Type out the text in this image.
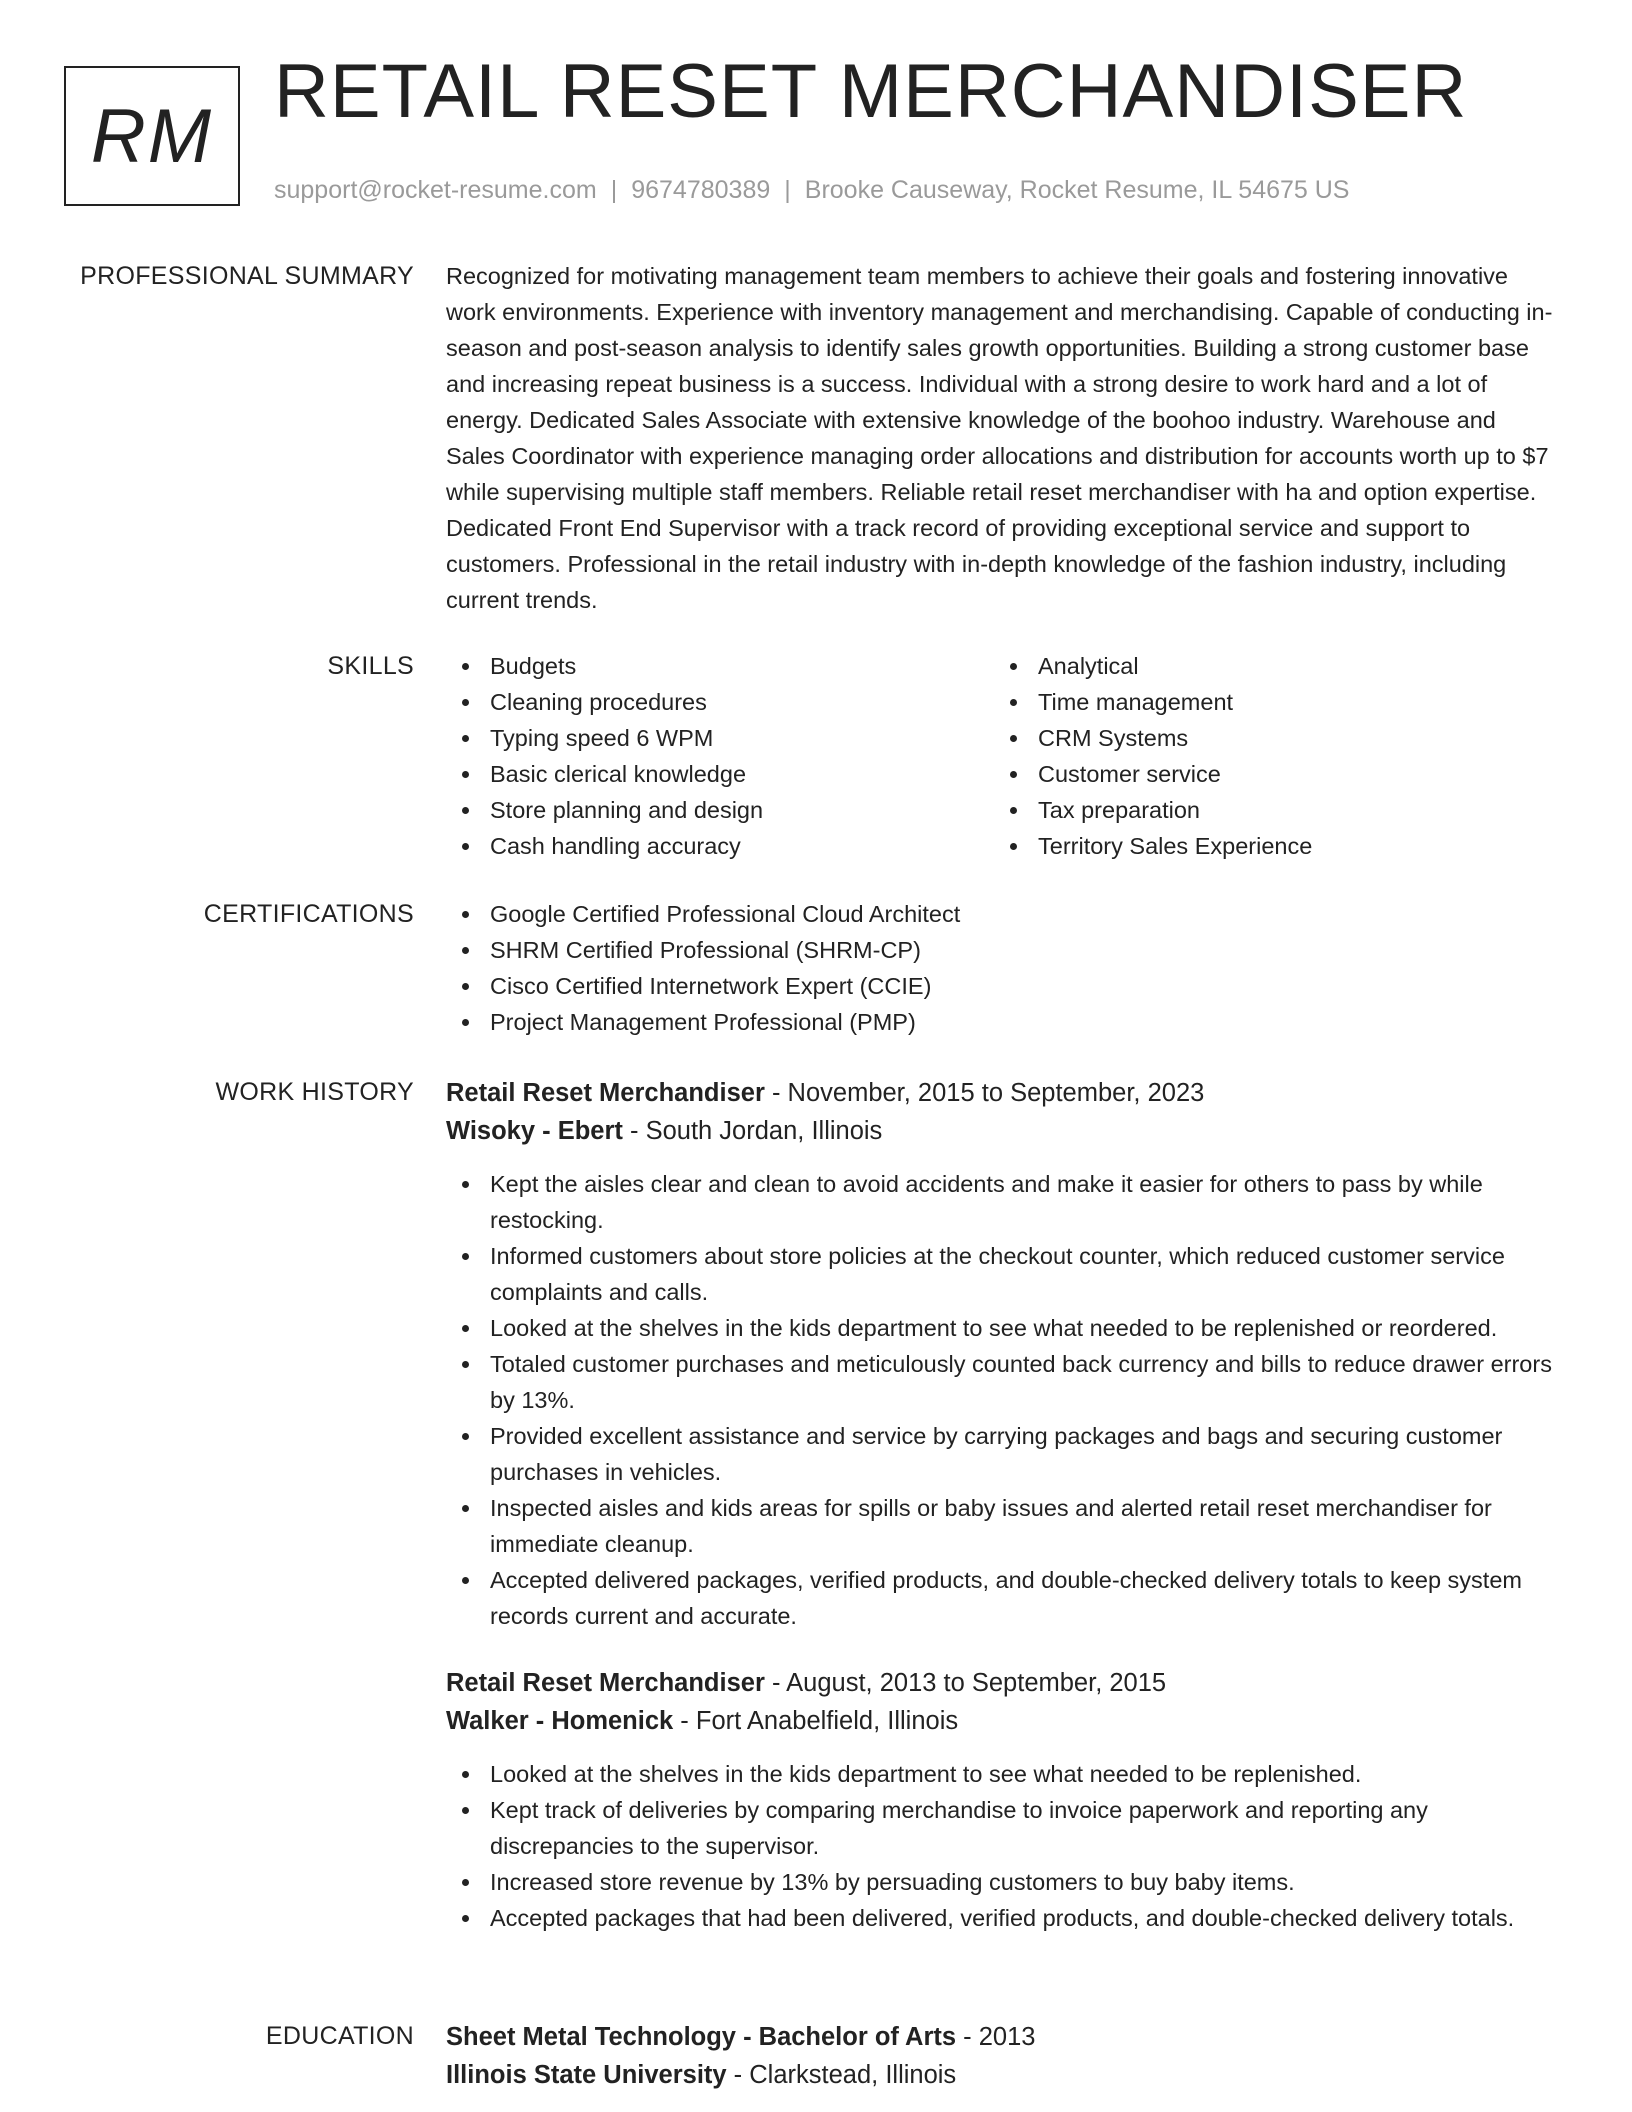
RM
RETAIL RESET MERCHANDISER
support@rocket-resume.com | 9674780389 | Brooke Causeway, Rocket Resume, IL 54675 US
PROFESSIONAL SUMMARY Recognized for motivating management team members to achieve their goals and fostering innovative work environments. Experience with inventory management and merchandising. Capable of conducting in-season and post-season analysis to identify sales growth opportunities. Building a strong customer base and increasing repeat business is a success. Individual with a strong desire to work hard and a lot of energy. Dedicated Sales Associate with extensive knowledge of the boohoo industry. Warehouse and Sales Coordinator with experience managing order allocations and distribution for accounts worth up to $7 while supervising multiple staff members. Reliable retail reset merchandiser with ha and option expertise. Dedicated Front End Supervisor with a track record of providing exceptional service and support to customers. Professional in the retail industry with in-depth knowledge of the fashion industry, including current trends.

SKILLS	Budgets
Cleaning procedures
Typing speed 6 WPM
Basic clerical knowledge
Store planning and design
Cash handling accuracy
Analytical
Time management
CRM Systems
Customer service
Tax preparation
Territory Sales Experience
CERTIFICATIONS	Google Certified Professional Cloud Architect
SHRM Certified Professional (SHRM-CP)
Cisco Certified Internetwork Expert (CCIE)
Project Management Professional (PMP)
WORK HISTORY Retail Reset Merchandiser - November, 2015 to September, 2023
Wisoky - Ebert - South Jordan, Illinois
Kept the aisles clear and clean to avoid accidents and make it easier for others to pass by while restocking.
Informed customers about store policies at the checkout counter, which reduced customer service complaints and calls.
Looked at the shelves in the kids department to see what needed to be replenished or reordered.
Totaled customer purchases and meticulously counted back currency and bills to reduce drawer errors by 13%.
Provided excellent assistance and service by carrying packages and bags and securing customer purchases in vehicles.
Inspected aisles and kids areas for spills or baby issues and alerted retail reset merchandiser for immediate cleanup.
Accepted delivered packages, verified products, and double-checked delivery totals to keep system records current and accurate.
Retail Reset Merchandiser - August, 2013 to September, 2015
Walker - Homenick - Fort Anabelfield, Illinois
Looked at the shelves in the kids department to see what needed to be replenished.
Kept track of deliveries by comparing merchandise to invoice paperwork and reporting any discrepancies to the supervisor.
Increased store revenue by 13% by persuading customers to buy baby items.
Accepted packages that had been delivered, verified products, and double-checked delivery totals.
EDUCATION Sheet Metal Technology - Bachelor of Arts - 2013
Illinois State University - Clarkstead, Illinois
